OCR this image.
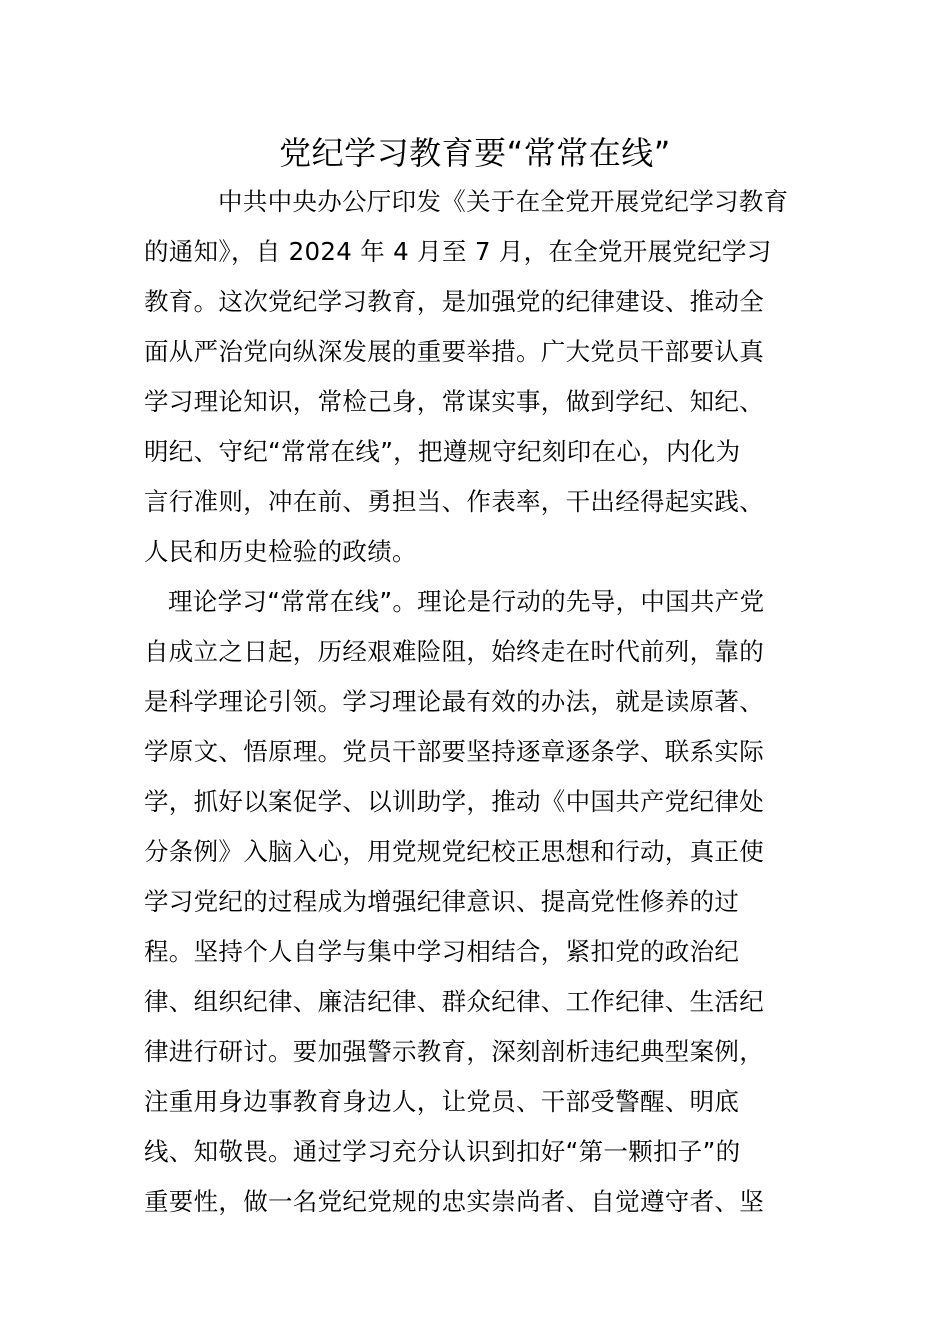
党纪学习教育要“常常在线”
中共中央办公厅印发《关于在全党开展党纪学习教育
的通知》，自 2024 年 4 月至 7 月，在全党开展党纪学习
教育。这次党纪学习教育，是加强党的纪律建设、推动全
面从严治党向纵深发展的重要举措。广大党员干部要认真
学习理论知识，常检己身，常谋实事，做到学纪、知纪、
明纪、守纪“常常在线”，把遵规守纪刻印在心，内化为
言行准则，冲在前、勇担当、作表率，干出经得起实践、
人民和历史检验的政绩。
理论学习“常常在线”。理论是行动的先导，中国共产党
自成立之日起，历经艰难险阻，始终走在时代前列，靠的
是科学理论引领。学习理论最有效的办法，就是读原著、
学原文、悟原理。党员干部要坚持逐章逐条学、联系实际
学，抓好以案促学、以训助学，推动《中国共产党纪律处
分条例》入脑入心，用党规党纪校正思想和行动，真正使
学习党纪的过程成为增强纪律意识、提高党性修养的过
程。坚持个人自学与集中学习相结合，紧扣党的政治纪
律、组织纪律、廉洁纪律、群众纪律、工作纪律、生活纪
律进行研讨。要加强警示教育，深刻剖析违纪典型案例，
注重用身边事教育身边人，让党员、干部受警醒、明底
线、知敬畏。通过学习充分认识到扣好“第一颗扣子”的
重要性，做一名党纪党规的忠实崇尚者、自觉遵守者、坚
